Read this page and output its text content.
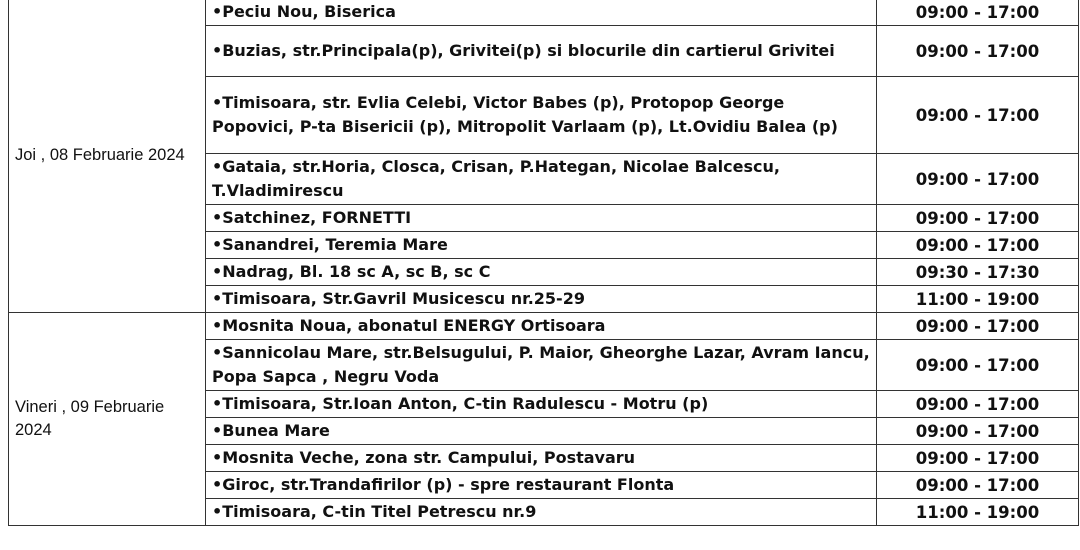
Joi , 08 Februarie 2024	•Peciu Nou, Biserica	09:00 - 17:00
	•Buzias, str.Principala(p), Grivitei(p) si blocurile din cartierul Grivitei	09:00 - 17:00
	•Timisoara, str. Evlia Celebi, Victor Babes (p), Protopop George Popovici, P-ta Bisericii (p), Mitropolit Varlaam (p), Lt.Ovidiu Balea (p)	09:00 - 17:00
	•Gataia, str.Horia, Closca, Crisan, P.Hategan, Nicolae Balcescu, T.Vladimirescu	09:00 - 17:00
	•Satchinez, FORNETTI	09:00 - 17:00
	•Sanandrei, Teremia Mare	09:00 - 17:00
	•Nadrag, Bl. 18 sc A, sc B, sc C	09:30 - 17:30
	•Timisoara, Str.Gavril Musicescu nr.25-29	11:00 - 19:00
Vineri , 09 Februarie 2024	•Mosnita Noua, abonatul ENERGY Ortisoara	09:00 - 17:00
	•Sannicolau Mare, str.Belsugului, P. Maior, Gheorghe Lazar, Avram Iancu, Popa Sapca , Negru Voda	09:00 - 17:00
	•Timisoara, Str.Ioan Anton, C-tin Radulescu - Motru (p)	09:00 - 17:00
	•Bunea Mare	09:00 - 17:00
	•Mosnita Veche, zona str. Campului, Postavaru	09:00 - 17:00
	•Giroc, str.Trandafirilor (p) - spre restaurant Flonta	09:00 - 17:00
	•Timisoara, C-tin Titel Petrescu nr.9	11:00 - 19:00
